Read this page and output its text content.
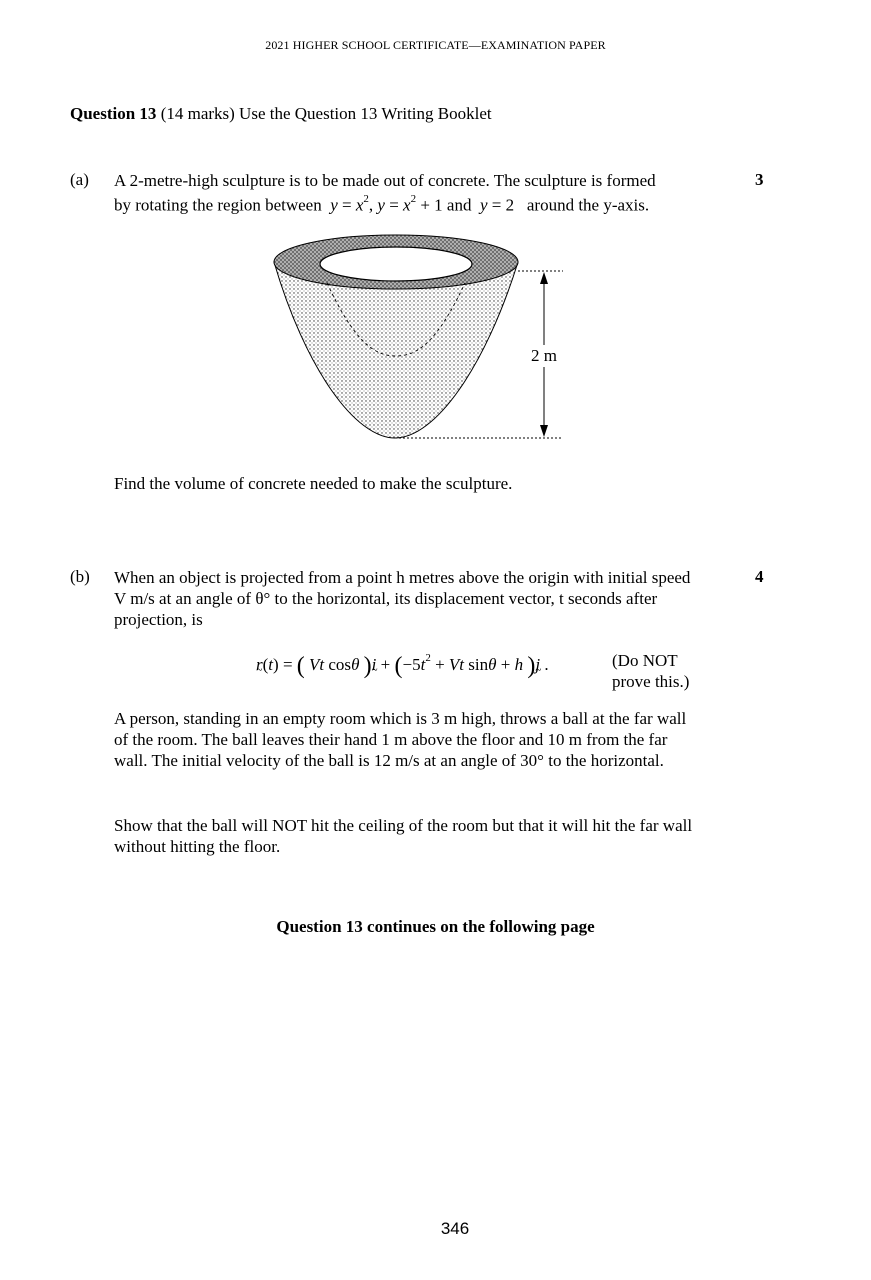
2021 HIGHER SCHOOL CERTIFICATE—EXAMINATION PAPER
Question 13 (14 marks) Use the Question 13 Writing Booklet
(a)	3
A 2-metre-high sculpture is to be made out of concrete. The sculpture is formed
by rotating the region between $y = x^2$, $y = x^2 + 1$ and  y = 2   around the y-axis.
2 m
Find the volume of concrete needed to make the sculpture.
(b)	4
When an object is projected from a point h metres above the origin with initial speed V m/s at an angle of θ° to the horizontal, its displacement vector, t seconds after projection, is
r ~(t) = ( Vt cosθ )i ~ + ($-5t^2 + Vt$ sinθ + h )j ~ .	(Do NOT
prove this.)
A person, standing in an empty room which is 3 m high, throws a ball at the far wall of the room. The ball leaves their hand 1 m above the floor and 10 m from the far wall. The initial velocity of the ball is 12 m/s at an angle of 30° to the horizontal.
Show that the ball will NOT hit the ceiling of the room but that it will hit the far wall without hitting the floor.
Question 13 continues on the following page
346
